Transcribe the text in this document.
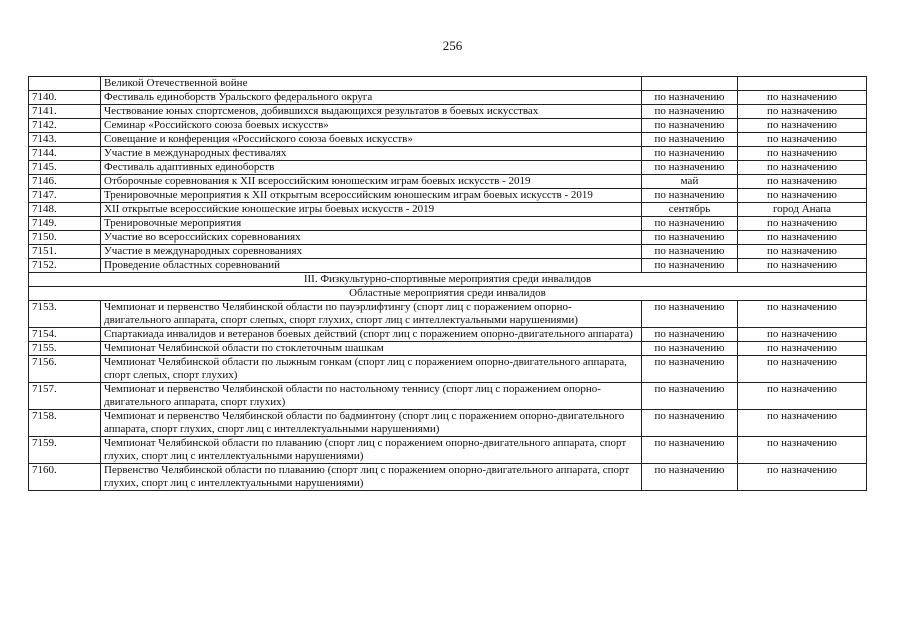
256
	Великой Отечественной войне		
7140.	Фестиваль единоборств Уральского федерального округа	по назначению	по назначению
7141.	Чествование юных спортсменов, добившихся выдающихся результатов в боевых искусствах	по назначению	по назначению
7142.	Семинар «Российского союза боевых искусств»	по назначению	по назначению
7143.	Совещание и конференция «Российского союза боевых искусств»	по назначению	по назначению
7144.	Участие в международных фестивалях	по назначению	по назначению
7145.	Фестиваль адаптивных единоборств	по назначению	по назначению
7146.	Отборочные соревнования к XII всероссийским юношеским играм боевых искусств - 2019	май	по назначению
7147.	Тренировочные мероприятия к XII открытым всероссийским юношеским играм боевых искусств - 2019	по назначению	по назначению
7148.	XII открытые всероссийские юношеские игры боевых искусств - 2019	сентябрь	город Анапа
7149.	Тренировочные мероприятия	по назначению	по назначению
7150.	Участие во всероссийских соревнованиях	по назначению	по назначению
7151.	Участие в международных соревнованиях	по назначению	по назначению
7152.	Проведение областных соревнований	по назначению	по назначению
III. Физкультурно-спортивные мероприятия среди инвалидов			
Областные мероприятия среди инвалидов			
7153.	Чемпионат и первенство Челябинской области по пауэрлифтингу (спорт лиц с поражением опорно-двигательного аппарата, спорт слепых, спорт глухих, спорт лиц с интеллектуальными нарушениями)	по назначению	по назначению
7154.	Спартакиада инвалидов и ветеранов боевых действий (спорт лиц с поражением опорно-двигательного аппарата)	по назначению	по назначению
7155.	Чемпионат Челябинской области по стоклеточным шашкам	по назначению	по назначению
7156.	Чемпионат Челябинской области по лыжным гонкам (спорт лиц с поражением опорно-двигательного аппарата, спорт слепых, спорт глухих)	по назначению	по назначению
7157.	Чемпионат и первенство Челябинской области по настольному теннису (спорт лиц с поражением опорно-двигательного аппарата, спорт глухих)	по назначению	по назначению
7158.	Чемпионат и первенство Челябинской области по бадминтону (спорт лиц с поражением опорно-двигательного аппарата, спорт глухих, спорт лиц с интеллектуальными нарушениями)	по назначению	по назначению
7159.	Чемпионат Челябинской области по плаванию (спорт лиц с поражением опорно-двигательного аппарата, спорт глухих, спорт лиц с интеллектуальными нарушениями)	по назначению	по назначению
7160.	Первенство Челябинской области по плаванию (спорт лиц с поражением опорно-двигательного аппарата, спорт глухих, спорт лиц с интеллектуальными нарушениями)	по назначению	по назначению
